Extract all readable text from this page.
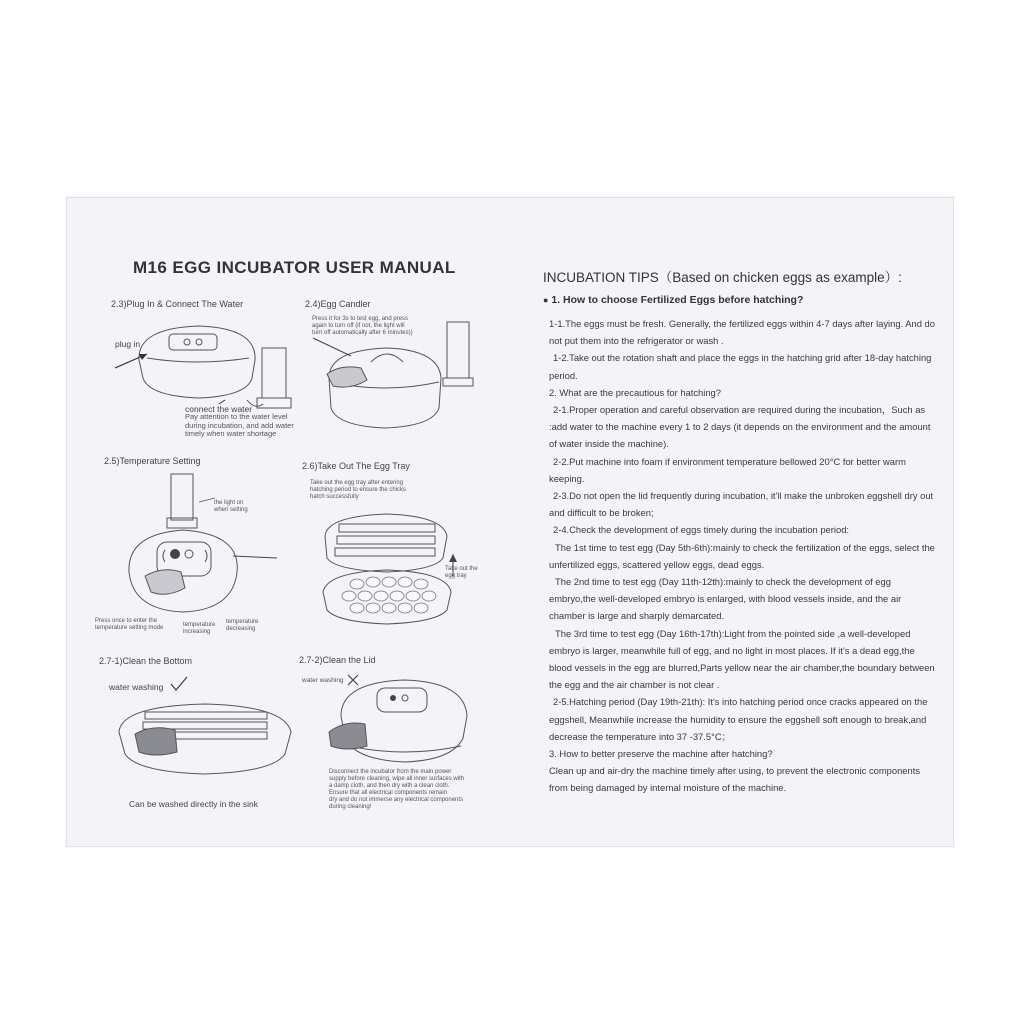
M16 EGG INCUBATOR USER MANUAL
2.3)Plug In & Connect The Water
plug in
connect the water
Pay attention to the water level
during incubation, and add water
timely when water shortage
2.4)Egg Candler
Press it for 3s to test egg, and press
again to turn off (if not, the light will
turn off automatically after 6 minutes))
2.5)Temperature Setting
the light on
when setting
Press once to enter the
temperature setting mode	temperature
increasing
temperature
decreasing
2.6)Take Out The Egg Tray
Take out the egg tray after entering
hatching period to ensure the chicks
hatch successfully
Take out the
egg tray
2.7-1)Clean the Bottom
water washing
Can be washed directly in the sink
2.7-2)Clean the Lid
water washing
Disconnect the incubator from the main power
supply before cleaning, wipe all inner surfaces with
a damp cloth, and then dry with a clean cloth.
Ensure that all electrical components remain
dry and do not immerse any electrical components
during cleaning!
INCUBATION TIPS（Based on chicken eggs as example）:
● 1. How to choose Fertilized Eggs before hatching?

1-1.The eggs must be fresh. Generally, the fertilized eggs within 4-7 days after laying. And do not put them into the refrigerator or wash .

1-2.Take out the rotation shaft and place the eggs in the hatching grid after 18-day hatching period.

2. What are the precautious for hatching?

2-1.Proper operation and careful observation are required during the incubation，Such as :add water to the machine every 1 to 2 days (it depends on the environment and the amount of water inside the machine).

2-2.Put machine into foam if environment temperature bellowed 20°C for better warm keeping.

2-3.Do not open the lid frequently during incubation, it'll make the unbroken eggshell dry out and difficult to be broken;

2-4.Check the development of eggs timely during the incubation period:

The 1st time to test egg (Day 5th-6th):mainly to check the fertilization of the eggs, select the unfertilized eggs, scattered yellow eggs, dead eggs.

The 2nd time to test egg (Day 11th-12th):mainly to check the development of egg embryo,the well-developed embryo is enlarged, with blood vessels inside, and the air chamber is large and sharply demarcated.

The 3rd time to test egg (Day 16th-17th):Light from the pointed side ,a well-developed embryo is larger, meanwhile full of egg, and no light in most places. If it’s a dead egg,the blood vessels in the egg are blurred,Parts yellow near the air chamber,the boundary between the egg and the air chamber is not clear .

2-5.Hatching period (Day 19th-21th): It's into hatching period once cracks appeared on the eggshell, Meanwhile increase the humidity to ensure the eggshell soft enough to break,and decrease the temperature into 37 -37.5°C；

3. How to better preserve the machine after hatching?

Clean up and air-dry the machine timely after using, to prevent the electronic components from being damaged by internal moisture of the machine.
